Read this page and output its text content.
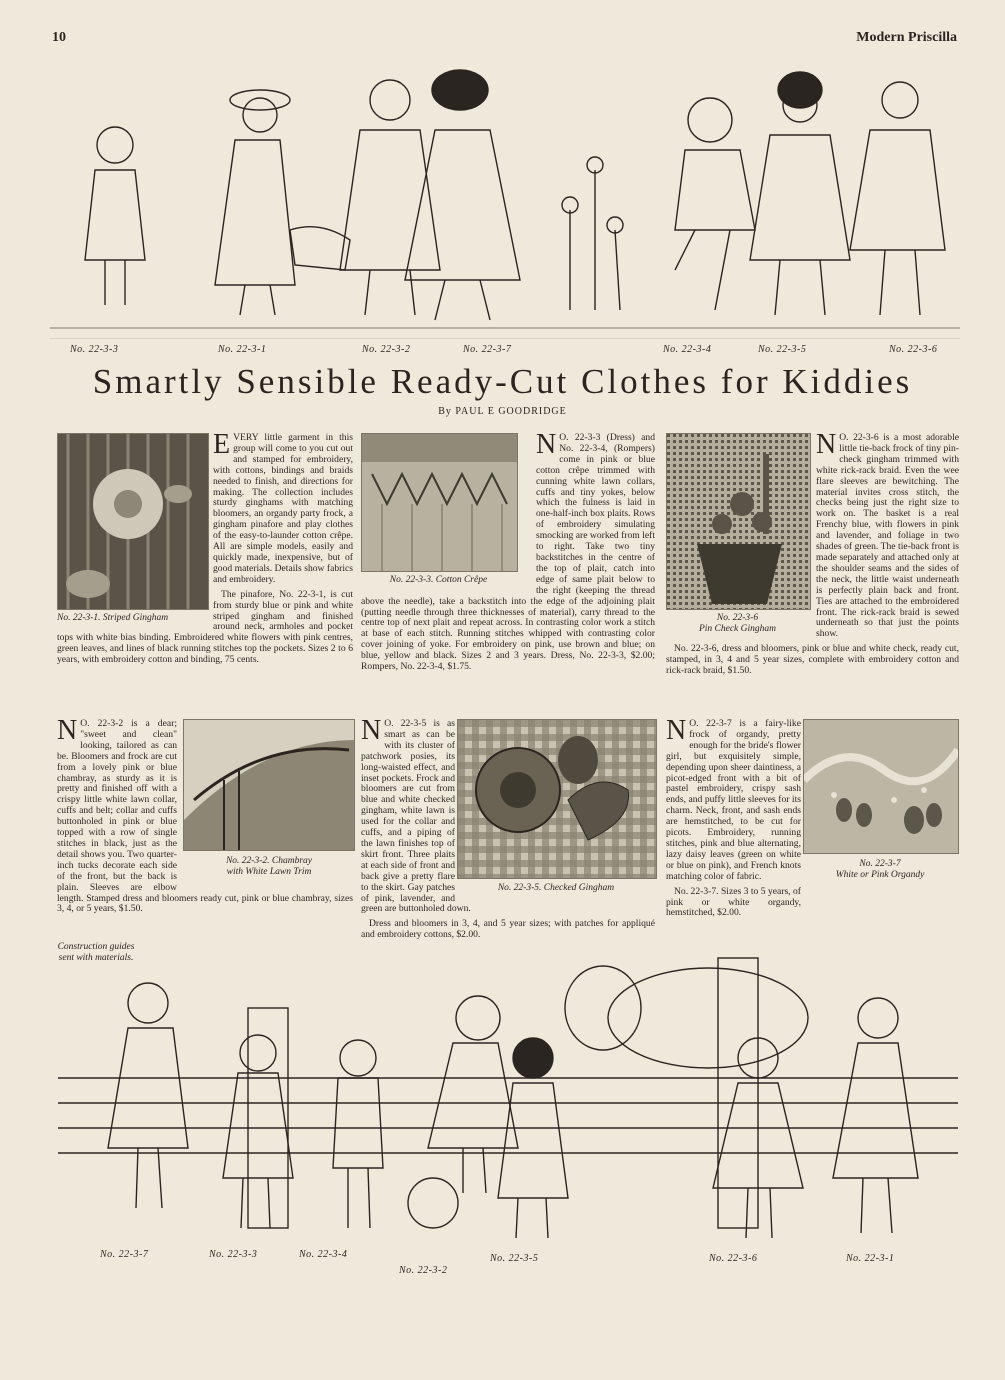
10	Modern Priscilla
No. 22-3-3	No. 22-3-1	No. 22-3-2	No. 22-3-7	No. 22-3-4	No. 22-3-5	No. 22-3-6
Smartly Sensible Ready-Cut Clothes for Kiddies
By PAUL E GOODRIDGE
No. 22-3-1. Striped Gingham

EVERY little garment in this group will come to you cut out and stamped for embroidery, with cottons, bindings and braids needed to finish, and directions for making. The collection includes sturdy ginghams with matching bloomers, an organdy party frock, a gingham pinafore and play clothes of the easy-to-launder cotton crêpe. All are simple models, easily and quickly made, inexpensive, but of good materials. Details show fabrics and embroidery.

The pinafore, No. 22-3-1, is cut from sturdy blue or pink and white striped gingham and finished around neck, armholes and pocket tops with white bias binding. Embroidered white flowers with pink centres, green leaves, and lines of black running stitches top the pockets. Sizes 2 to 6 years, with embroidery cotton and binding, 75 cents.

No. 22-3-3. Cotton Crêpe

N O. 22-3-3 (Dress) and No. 22-3-4, (Rompers) come in pink or blue cotton crêpe trimmed with cunning white lawn collars, cuffs and tiny yokes, below which the fulness is laid in one-half-inch box plaits. Rows of embroidery simulating smocking are worked from left to right. Take two tiny backstitches in the centre of the top of plait, catch into edge of same plait below to the right (keeping the thread above the needle), take a backstitch into the edge of the adjoining plait (putting needle through three thicknesses of material), carry thread to the centre top of next plait and repeat across. In contrasting color work a stitch at base of each stitch. Running stitches whipped with contrasting color cover joining of yoke. For embroidery on pink, use brown and blue; on blue, yellow and black. Sizes 2 and 3 years. Dress, No. 22-3-3, $2.00; Rompers, No. 22-3-4, $1.75.

No. 22-3-6
Pin Check Gingham

N O. 22-3-6 is a most adorable little tie-back frock of tiny pin-check gingham trimmed with white rick-rack braid. Even the wee flare sleeves are bewitching. The material invites cross stitch, the checks being just the right size to work on. The basket is a real Frenchy blue, with flowers in pink and lavender, and foliage in two shades of green. The tie-back front is made separately and attached only at the shoulder seams and the sides of the neck, the little waist underneath is perfectly plain back and front. Ties are attached to the embroidered front. The rick-rack braid is sewed underneath so that just the points show.

No. 22-3-6, dress and bloomers, pink or blue and white check, ready cut, stamped, in 3, 4 and 5 year sizes, complete with embroidery cotton and rick-rack braid, $1.50.

No. 22-3-2. Chambray
with White Lawn Trim

N O. 22-3-2 is a dear; "sweet and clean" looking, tailored as can be. Bloomers and frock are cut from a lovely pink or blue chambray, as sturdy as it is pretty and finished off with a crispy little white lawn collar, cuffs and belt; collar and cuffs buttonholed in pink or blue topped with a row of single stitches in black, just as the detail shows you. Two quarter-inch tucks decorate each side of the front, but the back is plain. Sleeves are elbow length. Stamped dress and bloomers ready cut, pink or blue chambray, sizes 3, 4, or 5 years, $1.50.

No. 22-3-5. Checked Gingham

N O. 22-3-5 is as smart as can be with its cluster of patchwork posies, its long-waisted effect, and inset pockets. Frock and bloomers are cut from blue and white checked gingham, white lawn is used for the collar and cuffs, and a piping of the lawn finishes top of skirt front. Three plaits at each side of front and back give a pretty flare to the skirt. Gay patches of pink, lavender, and green are buttonholed down.

Dress and bloomers in 3, 4, and 5 year sizes; with patches for appliqué and embroidery cottons, $2.00.

No. 22-3-7
White or Pink Organdy

N O. 22-3-7 is a fairy-like frock of organdy, pretty enough for the bride's flower girl, but exquisitely simple, depending upon sheer daintiness, a picot-edged front with a bit of pastel embroidery, crispy sash ends, and puffy little sleeves for its charm. Neck, front, and sash ends are hemstitched, to be cut for picots. Embroidery, running stitches, pink and blue alternating, lazy daisy leaves (green on white or blue on pink), and French knots matching color of fabric.

No. 22-3-7. Sizes 3 to 5 years, of pink or white organdy, hemstitched, $2.00.

Construction guides sent with materials.
No. 22-3-7	No. 22-3-3	No. 22-3-4
No. 22-3-2
No. 22-3-5	No. 22-3-6	No. 22-3-1
